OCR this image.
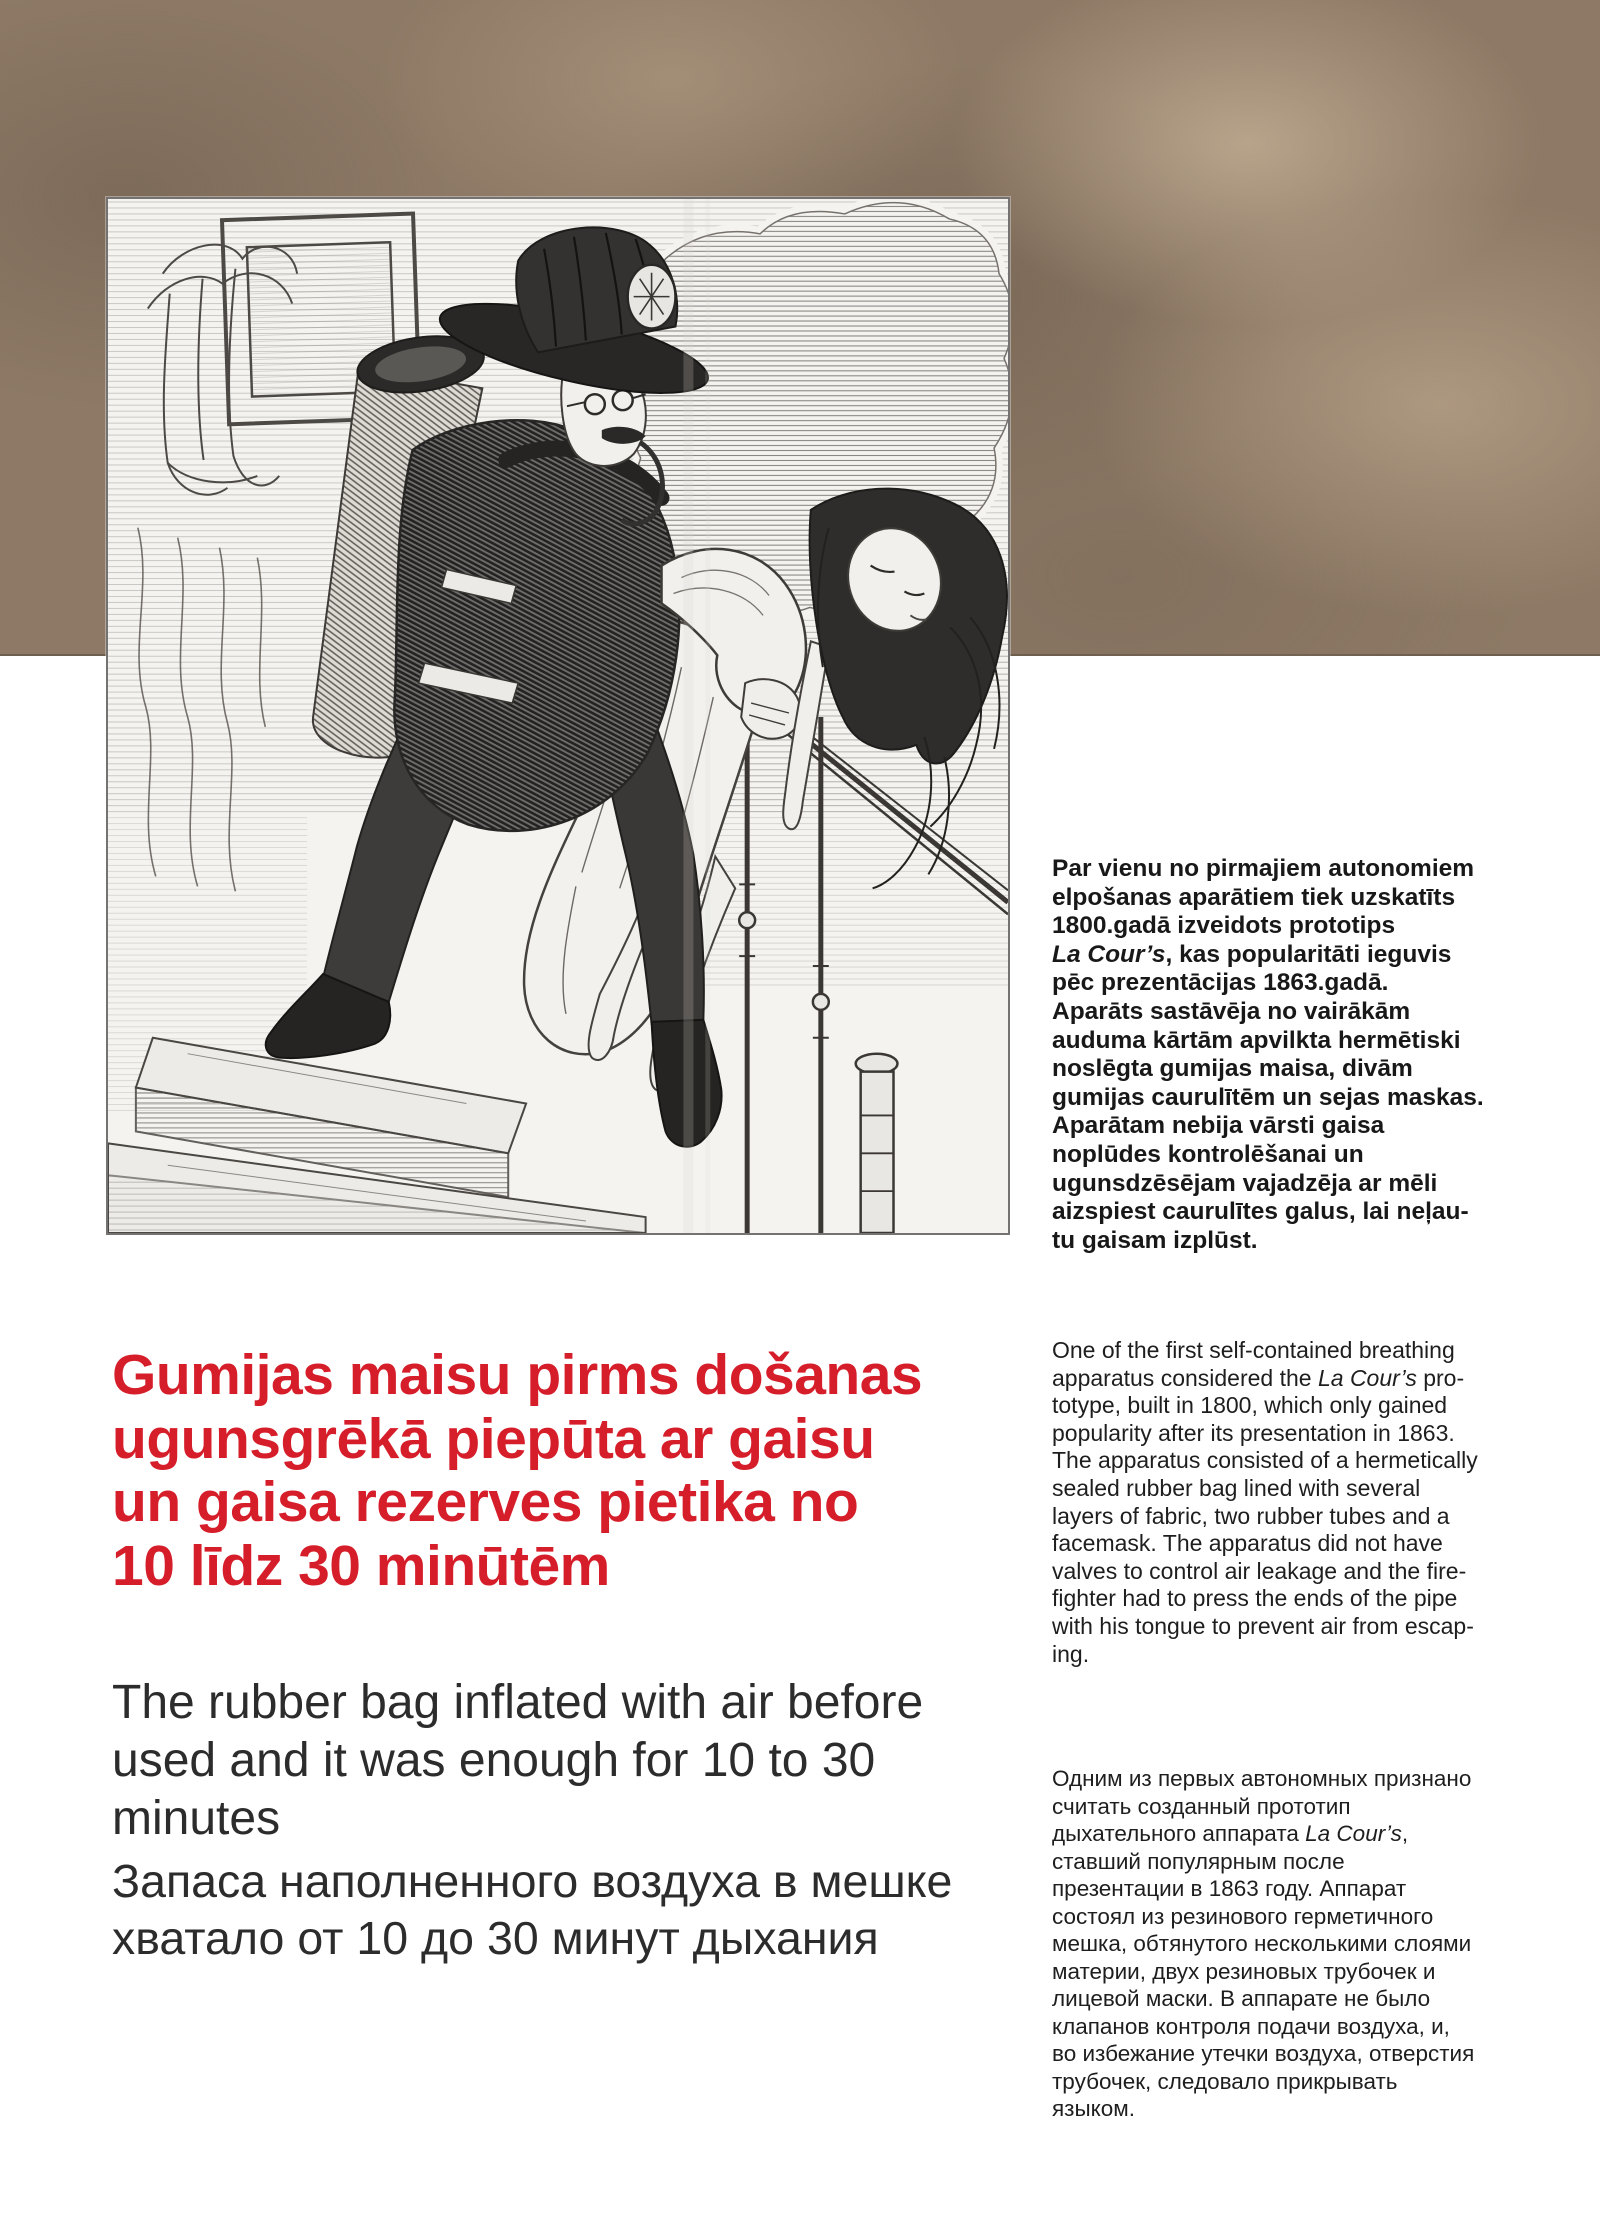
Par vienu no pirmajiem autonomiem
elpošanas aparātiem tiek uzskatīts
1800.gadā izveidots prototips
La Cour’s, kas popularitāti ieguvis
pēc prezentācijas 1863.gadā.
Aparāts sastāvēja no vairākām
auduma kārtām apvilkta hermētiski
noslēgta gumijas maisa, divām
gumijas caurulītēm un sejas maskas.
Aparātam nebija vārsti gaisa
noplūdes kontrolēšanai un
ugunsdzēsējam vajadzēja ar mēli
aizspiest caurulītes galus, lai neļau-
tu gaisam izplūst.
Gumijas maisu pirms došanas
ugunsgrēkā piepūta ar gaisu
un gaisa rezerves pietika no
10 līdz 30 minūtēm
The rubber bag inflated with air before
used and it was enough for 10 to 30
minutes
Запаса наполненного воздуха в мешке
хватало от 10 до 30 минут дыхания
One of the first self-contained breathing
apparatus considered the La Cour’s pro-
totype, built in 1800, which only gained
popularity after its presentation in 1863.
The apparatus consisted of a hermetically
sealed rubber bag lined with several
layers of fabric, two rubber tubes and a
facemask. The apparatus did not have
valves to control air leakage and the fire-
fighter had to press the ends of the pipe
with his tongue to prevent air from escap-
ing.
Одним из первых автономных признано
считать созданный прототип
дыхательного аппарата La Cour’s,
ставший популярным после
презентации в 1863 году. Аппарат
состоял из резинового герметичного
мешка, обтянутого несколькими слоями
материи, двух резиновых трубочек и
лицевой маски. В аппарате не было
клапанов контроля подачи воздуха, и,
во избежание утечки воздуха, отверстия
трубочек, следовало прикрывать
языком.
